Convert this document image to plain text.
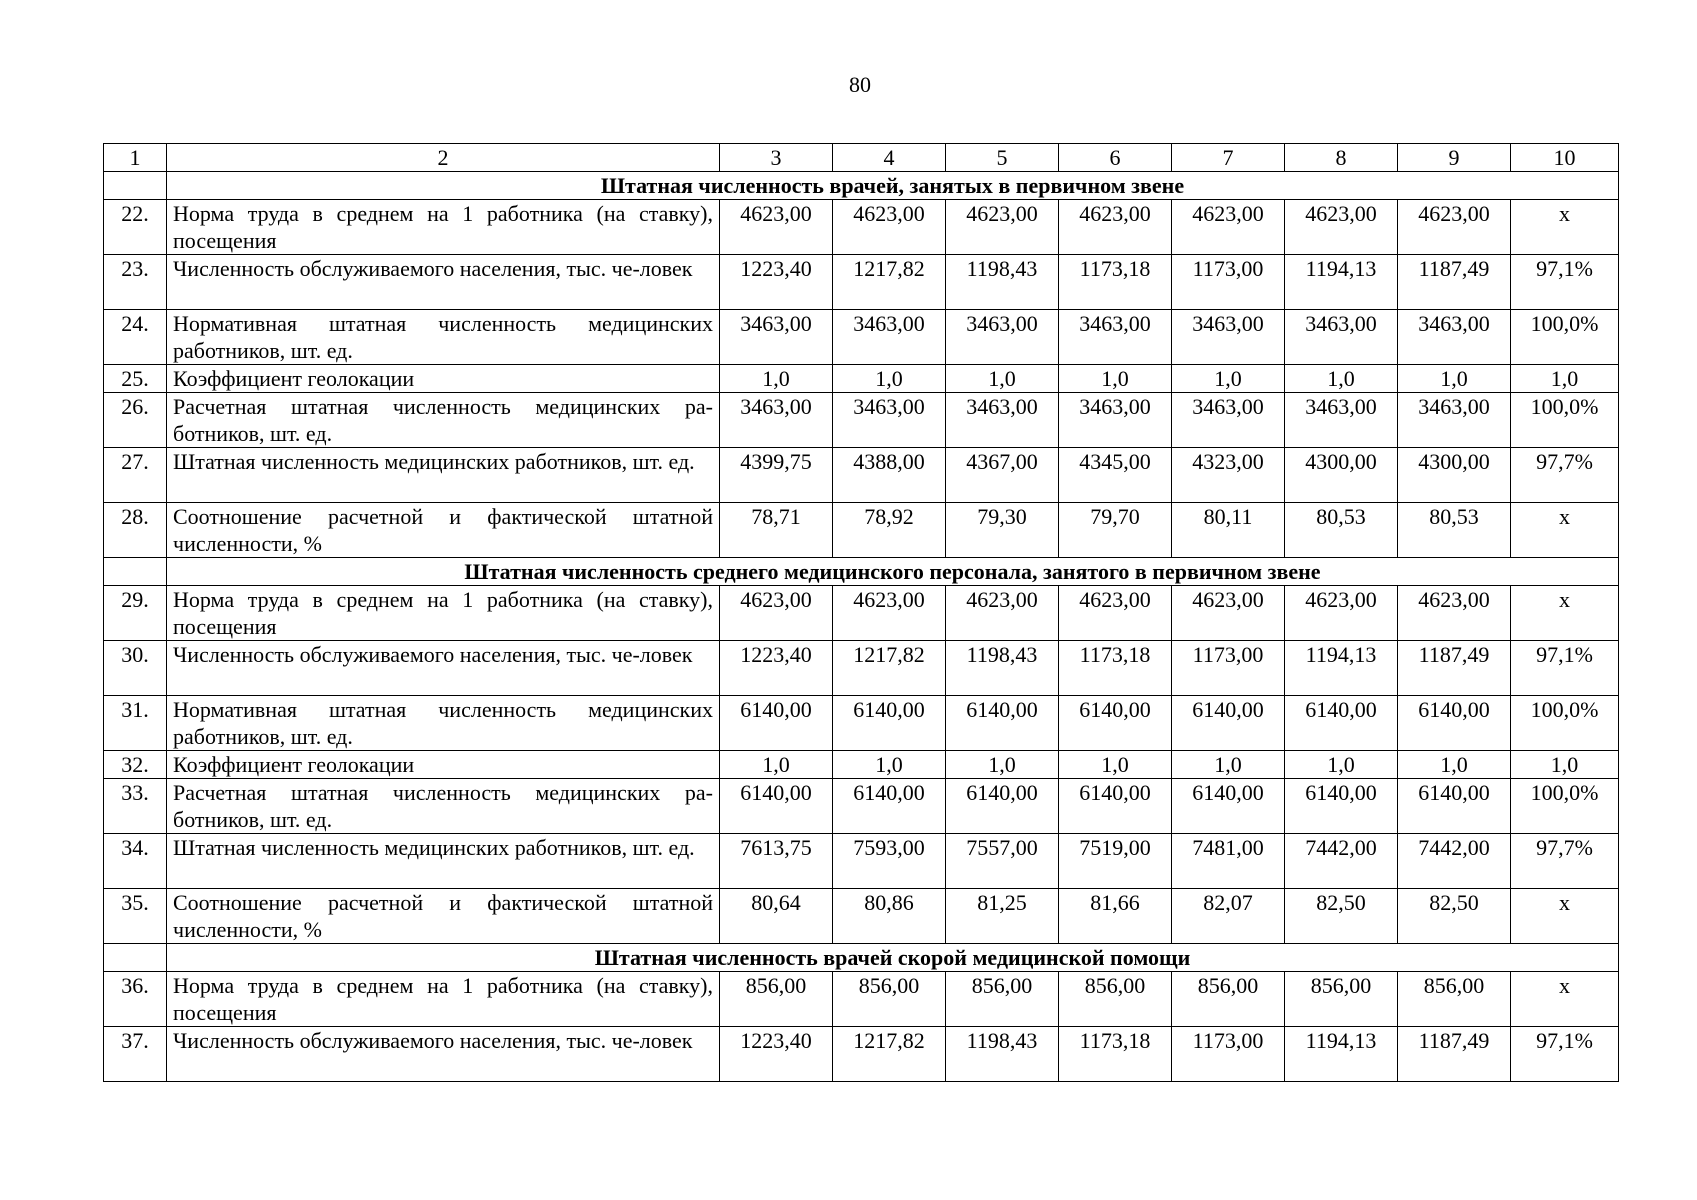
80
1	2	3	4	5	6	7	8	9	10
	Штатная численность врачей, занятых в первичном звене								
22.	Норма труда в среднем на 1 работника (на ставку), посещения	4623,00	4623,00	4623,00	4623,00	4623,00	4623,00	4623,00	х
23.	Численность обслуживаемого населения, тыс. че-ловек	1223,40	1217,82	1198,43	1173,18	1173,00	1194,13	1187,49	97,1%
24.	Нормативная штатная численность медицинских работников, шт. ед.	3463,00	3463,00	3463,00	3463,00	3463,00	3463,00	3463,00	100,0%
25.	Коэффициент геолокации	1,0	1,0	1,0	1,0	1,0	1,0	1,0	1,0
26.	Расчетная штатная численность медицинских ра-ботников, шт. ед.	3463,00	3463,00	3463,00	3463,00	3463,00	3463,00	3463,00	100,0%
27.	Штатная численность медицинских работников, шт. ед.	4399,75	4388,00	4367,00	4345,00	4323,00	4300,00	4300,00	97,7%
28.	Соотношение расчетной и фактической штатной численности, %	78,71	78,92	79,30	79,70	80,11	80,53	80,53	х
	Штатная численность среднего медицинского персонала, занятого в первичном звене								
29.	Норма труда в среднем на 1 работника (на ставку), посещения	4623,00	4623,00	4623,00	4623,00	4623,00	4623,00	4623,00	х
30.	Численность обслуживаемого населения, тыс. че-ловек	1223,40	1217,82	1198,43	1173,18	1173,00	1194,13	1187,49	97,1%
31.	Нормативная штатная численность медицинских работников, шт. ед.	6140,00	6140,00	6140,00	6140,00	6140,00	6140,00	6140,00	100,0%
32.	Коэффициент геолокации	1,0	1,0	1,0	1,0	1,0	1,0	1,0	1,0
33.	Расчетная штатная численность медицинских ра-ботников, шт. ед.	6140,00	6140,00	6140,00	6140,00	6140,00	6140,00	6140,00	100,0%
34.	Штатная численность медицинских работников, шт. ед.	7613,75	7593,00	7557,00	7519,00	7481,00	7442,00	7442,00	97,7%
35.	Соотношение расчетной и фактической штатной численности, %	80,64	80,86	81,25	81,66	82,07	82,50	82,50	х
	Штатная численность врачей скорой медицинской помощи								
36.	Норма труда в среднем на 1 работника (на ставку), посещения	856,00	856,00	856,00	856,00	856,00	856,00	856,00	х
37.	Численность обслуживаемого населения, тыс. че-ловек	1223,40	1217,82	1198,43	1173,18	1173,00	1194,13	1187,49	97,1%
